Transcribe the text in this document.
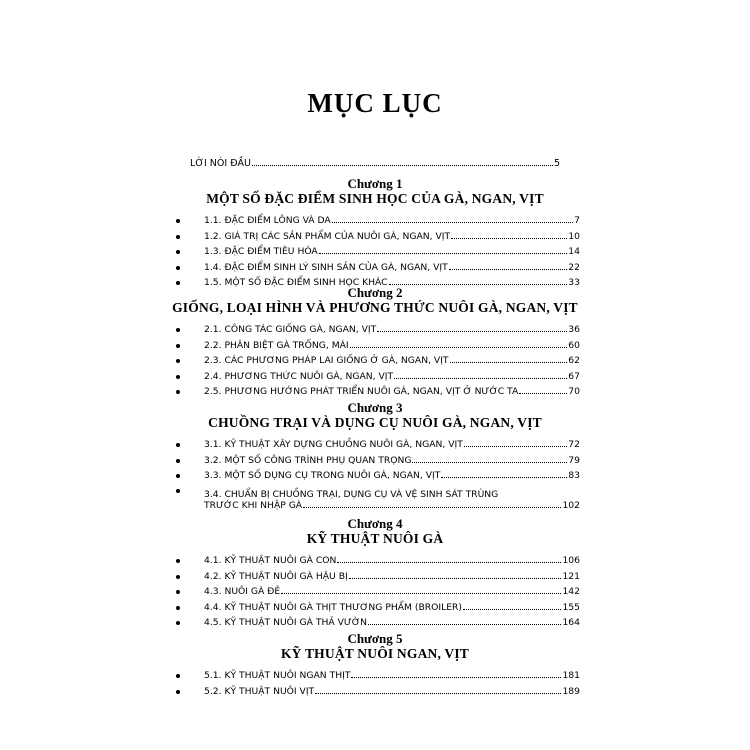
MỤC LỤC
LỜI NÓI ĐẦU	5
Chương 1
MỘT SỐ ĐẶC ĐIỂM SINH HỌC CỦA GÀ, NGAN, VỊT
1.1. ĐẶC ĐIỂM LÔNG VÀ DA	7
1.2. GIÁ TRỊ CÁC SẢN PHẨM CỦA NUÔI GÀ, NGAN, VỊT	10
1.3. ĐẶC ĐIỂM TIÊU HÓA	14
1.4. ĐẶC ĐIỂM SINH LÝ SINH SẢN CỦA GÀ, NGAN, VỊT	22
1.5. MỘT SỐ ĐẶC ĐIỂM SINH HỌC KHÁC	33
Chương 2
GIỐNG, LOẠI HÌNH VÀ PHƯƠNG THỨC NUÔI GÀ, NGAN, VỊT
2.1. CÔNG TÁC GIỐNG GÀ, NGAN, VỊT	36
2.2. PHÂN BIỆT GÀ TRỐNG, MÁI	60
2.3. CÁC PHƯƠNG PHÁP LAI GIỐNG Ở GÀ, NGAN, VỊT	62
2.4. PHƯƠNG THỨC NUÔI GÀ, NGAN, VỊT	67
2.5. PHƯƠNG HƯỚNG PHÁT TRIỂN NUÔI GÀ, NGAN, VỊT Ở NƯỚC TA	70
Chương 3
CHUỒNG TRẠI VÀ DỤNG CỤ NUÔI GÀ, NGAN, VỊT
3.1. KỸ THUẬT XÂY DỰNG CHUỒNG NUÔI GÀ, NGAN, VỊT	72
3.2. MỘT SỐ CÔNG TRÌNH PHỤ QUAN TRỌNG	79
3.3. MỘT SỐ DỤNG CỤ TRONG NUÔI GÀ, NGAN, VỊT	83
3.4. CHUẨN BỊ CHUỒNG TRẠI, DỤNG CỤ VÀ VỆ SINH SÁT TRÙNG
TRƯỚC KHI NHẬP GÀ	102
Chương 4
KỸ THUẬT NUÔI GÀ
4.1. KỸ THUẬT NUÔI GÀ CON	106
4.2. KỸ THUẬT NUÔI GÀ HẬU BỊ	121
4.3. NUÔI GÀ ĐẺ	142
4.4. KỸ THUẬT NUÔI GÀ THỊT THƯƠNG PHẨM (BROILER)	155
4.5. KỸ THUẬT NUÔI GÀ THẢ VƯỜN	164
Chương 5
KỸ THUẬT NUÔI NGAN, VỊT
5.1. KỸ THUẬT NUÔI NGAN THỊT	181
5.2. KỸ THUẬT NUÔI VỊT	189
